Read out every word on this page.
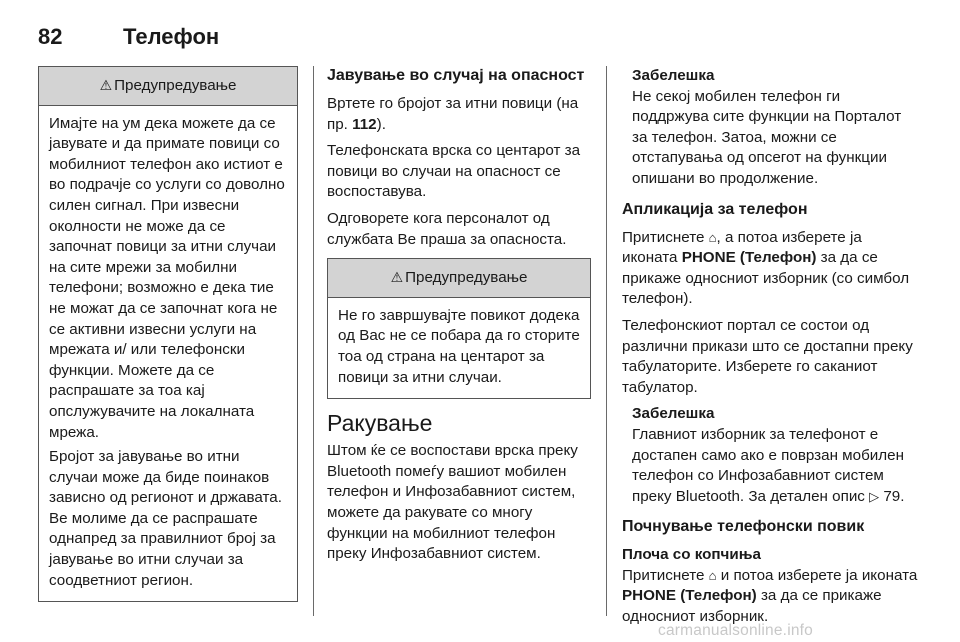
82	Телефон
⚠ Предупредување

Имајте на ум дека можете да се јавувате и да примате повици со мобилниот телефон ако истиот е во подрачје со услуги со доволно силен сигнал. При извесни околности не може да се започнат повици за итни случаи на сите мрежи за мобилни телефони; возможно е дека тие не можат да се започнат кога не се активни извесни услуги на мрежата и/ или телефонски функции. Можете да се распрашате за тоа кај опслужувачите на локалната мрежа.

Бројот за јавување во итни случаи може да биде поинаков зависно од регионот и државата. Ве молиме да се распрашате однапред за правилниот број за јавување во итни случаи за соодветниот регион.

Јавување во случај на опасност

Вртете го бројот за итни повици (на пр. 112).

Телефонската врска со центарот за повици во случаи на опасност се воспоставува.

Одговорете кога персоналот од службата Ве праша за опасноста.

⚠ Предупредување

Не го завршувајте повикот додека од Вас не се побара да го сторите тоа од страна на центарот за повици за итни случаи.

Ракување

Штом ќе се воспостави врска преку Bluetooth помеѓу вашиот мобилен телефон и Инфозабавниот систем, можете да ракувате со многу функции на мобилниот телефон преку Инфозабавниот систем.

Забелешка
Не секој мобилен телефон ги поддржува сите функции на Порталот за телефон. Затоа, можни се отстапувања од опсегот на функции опишани во продолжение.
Апликација за телефон

Притиснете ⌂, а потоа изберете ја иконата PHONE (Телефон) за да се прикаже односниот изборник (со симбол телефон).

Телефонскиот портал се состои од различни прикази што се достапни преку табулаторите. Изберете го саканиот табулатор.

Забелешка
Главниот изборник за телефонот е достапен само ако е поврзан мобилен телефон со Инфозабавниот систем преку Bluetooth. За детален опис ▷ 79.
Почнување телефонски повик
Плоча со копчиња

Притиснете ⌂ и потоа изберете ја иконата PHONE (Телефон) за да се прикаже односниот изборник.

carmanualsonline.info
